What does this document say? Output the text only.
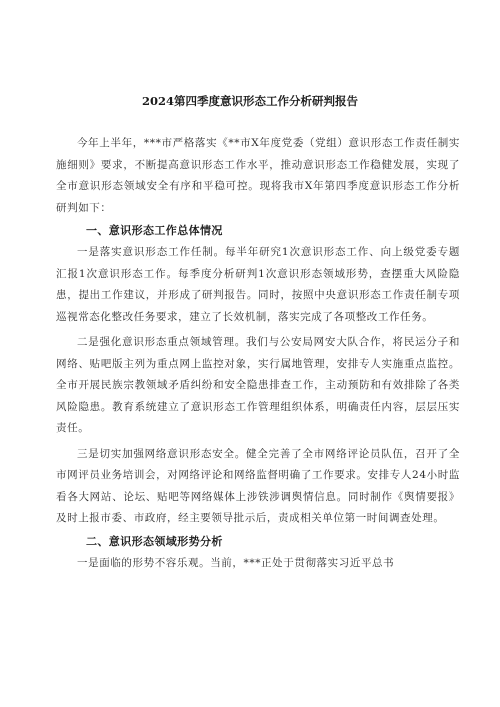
2024第四季度意识形态工作分析研判报告

今年上半年，***市严格落实《**市X年度党委（党组）意识形态工作责任制实施细则》要求，不断提高意识形态工作水平，推动意识形态工作稳健发展，实现了全市意识形态领域安全有序和平稳可控。现将我市X年第四季度意识形态工作分析研判如下：

一、意识形态工作总体情况

一是落实意识形态工作任制。每半年研究1次意识形态工作、向上级党委专题汇报1次意识形态工作。每季度分析研判1次意识形态领域形势，查摆重大风险隐患，提出工作建议，并形成了研判报告。同时，按照中央意识形态工作责任制专项巡视常态化整改任务要求，建立了长效机制，落实完成了各项整改工作任务。

二是强化意识形态重点领域管理。我们与公安局网安大队合作，将民运分子和网络、贴吧版主列为重点网上监控对象，实行属地管理，安排专人实施重点监控。全市开展民族宗教领域矛盾纠纷和安全隐患排查工作，主动预防和有效排除了各类风险隐患。教育系统建立了意识形态工作管理组织体系，明确责任内容，层层压实责任。

三是切实加强网络意识形态安全。健全完善了全市网络评论员队伍，召开了全市网评员业务培训会，对网络评论和网络监督明确了工作要求。安排专人24小时监看各大网站、论坛、贴吧等网络媒体上涉铁涉调舆情信息。同时制作《舆情要报》及时上报市委、市政府，经主要领导批示后，责成相关单位第一时间调查处理。

二、意识形态领域形势分析

一是面临的形势不容乐观。当前，***正处于贯彻落实习近平总书
